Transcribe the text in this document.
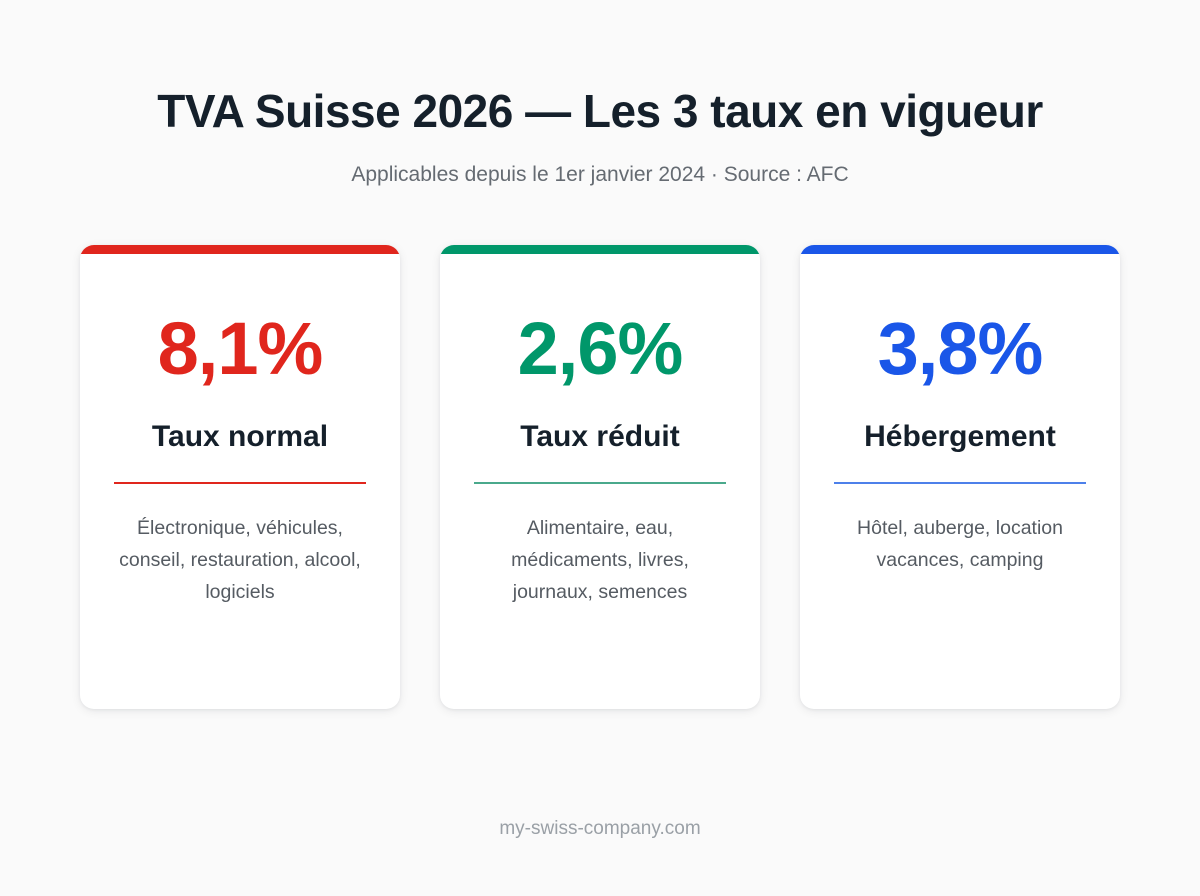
TVA Suisse 2026 — Les 3 taux en vigueur
Applicables depuis le 1er janvier 2024 · Source : AFC
8,1%
Taux normal
Électronique, véhicules, conseil, restauration, alcool, logiciels
2,6%
Taux réduit
Alimentaire, eau, médicaments, livres, journaux, semences
3,8%
Hébergement
Hôtel, auberge, location vacances, camping
my-swiss-company.com
